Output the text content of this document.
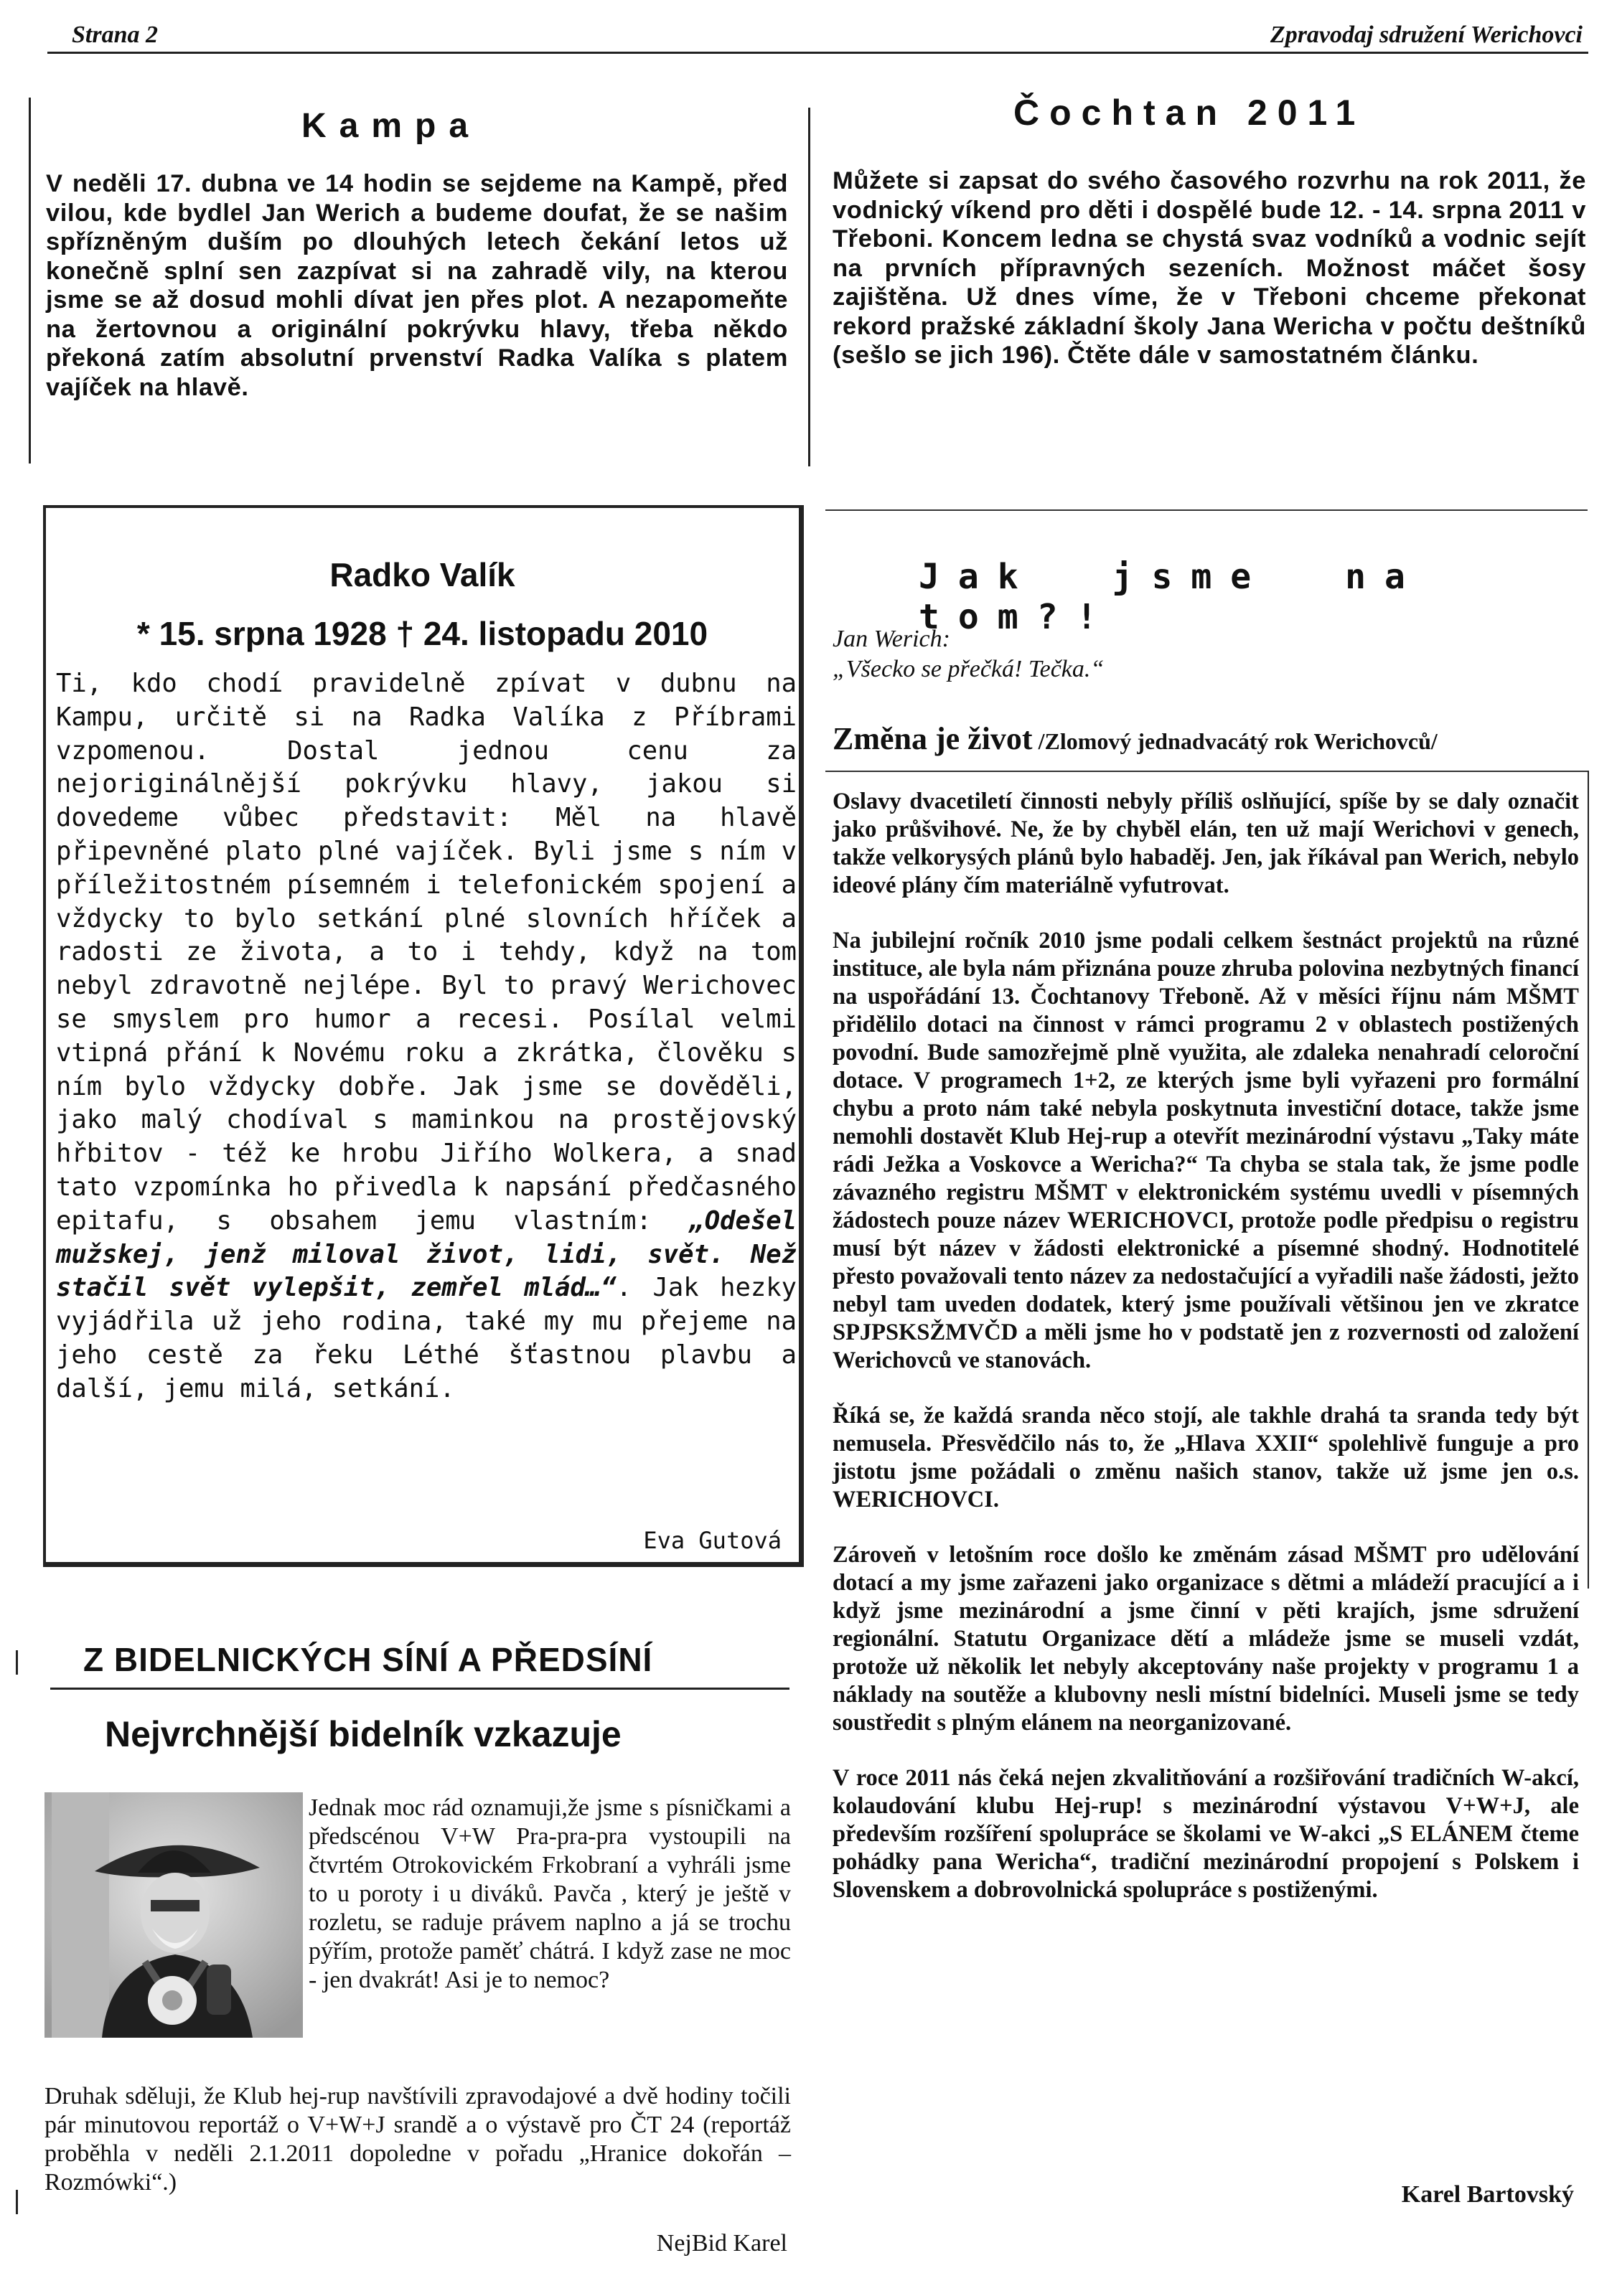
Strana 2	Zpravodaj sdružení Werichovci
Kampa

V neděli 17. dubna ve 14 hodin se sejdeme na Kampě, před vilou, kde bydlel Jan Werich a budeme doufat, že se našim spřízněným duším po dlouhých letech čekání letos už konečně splní sen zazpívat si na zahradě vily, na kterou jsme se až dosud mohli dívat jen přes plot. A nezapomeňte na žertovnou a originální pokrývku hlavy, třeba někdo překoná zatím absolutní prvenství Radka Valíka s platem vajíček na hlavě.

Čochtan 2011

Můžete si zapsat do svého časového rozvrhu na rok 2011, že vodnický víkend pro děti i dospělé bude 12. - 14. srpna 2011 v Třeboni. Koncem ledna se chystá svaz vodníků a vodnic sejít na prvních přípravných sezeních. Možnost máčet šosy zajištěna. Už dnes víme, že v Třeboni chceme překonat rekord pražské základní školy Jana Wericha v počtu deštníků (sešlo se jich 196). Čtěte dále v samostatném článku.

Radko Valík
* 15. srpna 1928 † 24. listopadu 2010

Ti, kdo chodí pravidelně zpívat v dubnu na Kampu, určitě si na Radka Valíka z Příbrami vzpomenou. Dostal jednou cenu za nejoriginálnější pokrývku hlavy, jakou si dovedeme vůbec představit: Měl na hlavě připevněné plato plné vajíček. Byli jsme s ním v příležitostném písemném i telefonickém spojení a vždycky to bylo setkání plné slovních hříček a radosti ze života, a to i tehdy, když na tom nebyl zdravotně nejlépe. Byl to pravý Werichovec se smyslem pro humor a recesi. Posílal velmi vtipná přání k Novému roku a zkrátka, člověku s ním bylo vždycky dobře. Jak jsme se dověděli, jako malý chodíval s maminkou na prostějovský hřbitov - též ke hrobu Jiřího Wolkera, a snad tato vzpomínka ho přivedla k napsání předčasného epitafu, s obsahem jemu vlastním: „Odešel mužskej, jenž miloval život, lidi, svět. Než stačil svět vylepšit, zemřel mlád…“. Jak hezky vyjádřila už jeho rodina, také my mu přejeme na jeho cestě za řeku Léthé šťastnou plavbu a další, jemu milá, setkání.

Eva Gutová
Z BIDELNICKÝCH SÍNÍ A PŘEDSÍNÍ
Nejvrchnější bidelník vzkazuje

Jednak moc rád oznamuji,že jsme s písničkami a předscénou V+W Pra-pra-pra vystoupili na čtvrtém Otrokovickém Frkobraní a vyhráli jsme to u poroty i u diváků. Pavča , který je ještě v rozletu, se raduje právem naplno a já se trochu pýřím, protože paměť chátrá. I když zase ne moc - jen dvakrát! Asi je to nemoc?

Druhak sděluji, že Klub hej-rup navštívili zpravodajové a dvě hodiny točili pár minutovou reportáž o V+W+J srandě a o výstavě pro ČT 24 (reportáž proběhla v neděli 2.1.2011 dopoledne v pořadu „Hranice dokořán – Rozmówki“.)

NejBid Karel
Jak jsme na tom?!
Jan Werich:
„Všecko se přečká! Tečka.“
Změna je život /Zlomový jednadvacátý rok Werichovců/

Oslavy dvacetiletí činnosti nebyly příliš oslňující, spíše by se daly označit jako průšvihové. Ne, že by chyběl elán, ten už mají Werichovi v genech, takže velkorysých plánů bylo habaděj. Jen, jak říkával pan Werich, nebylo ideové plány čím materiálně vyfutrovat.

Na jubilejní ročník 2010 jsme podali celkem šestnáct projektů na různé instituce, ale byla nám přiznána pouze zhruba polovina nezbytných financí na uspořádání 13. Čochtanovy Třeboně. Až v měsíci říjnu nám MŠMT přidělilo dotaci na činnost v rámci programu 2 v oblastech postižených povodní. Bude samozřejmě plně využita, ale zdaleka nenahradí celoroční dotace. V programech 1+2, ze kterých jsme byli vyřazeni pro formální chybu a proto nám také nebyla poskytnuta investiční dotace, takže jsme nemohli dostavět Klub Hej-rup a otevřít mezinárodní výstavu „Taky máte rádi Ježka a Voskovce a Wericha?“ Ta chyba se stala tak, že jsme podle závazného registru MŠMT v elektronickém systému uvedli v písemných žádostech pouze název WERICHOVCI, protože podle předpisu o registru musí být název v žádosti elektronické a písemné shodný. Hodnotitelé přesto považovali tento název za nedostačující a vyřadili naše žádosti, ježto nebyl tam uveden dodatek, který jsme používali většinou jen ve zkratce SPJPSKSŽMVČD a měli jsme ho v podstatě jen z rozvernosti od založení Werichovců ve stanovách.

Říká se, že každá sranda něco stojí, ale takhle drahá ta sranda tedy být nemusela. Přesvědčilo nás to, že „Hlava XXII“ spolehlivě funguje a pro jistotu jsme požádali o změnu našich stanov, takže už jsme jen o.s. WERICHOVCI.

Zároveň v letošním roce došlo ke změnám zásad MŠMT pro udělování dotací a my jsme zařazeni jako organizace s dětmi a mládeží pracující a i když jsme mezinárodní a jsme činní v pěti krajích, jsme sdružení regionální. Statutu Organizace dětí a mládeže jsme se museli vzdát, protože už několik let nebyly akceptovány naše projekty v programu 1 a náklady na soutěže a klubovny nesli místní bidelníci. Museli jsme se tedy soustředit s plným elánem na neorganizované.

V roce 2011 nás čeká nejen zkvalitňování a rozšiřování tradičních W-akcí, kolaudování klubu Hej-rup! s mezinárodní výstavou V+W+J, ale především rozšíření spolupráce se školami ve W-akci „S ELÁNEM čteme pohádky pana Wericha“, tradiční mezinárodní propojení s Polskem i Slovenskem a dobrovolnická spolupráce s postiženými.

Karel Bartovský
